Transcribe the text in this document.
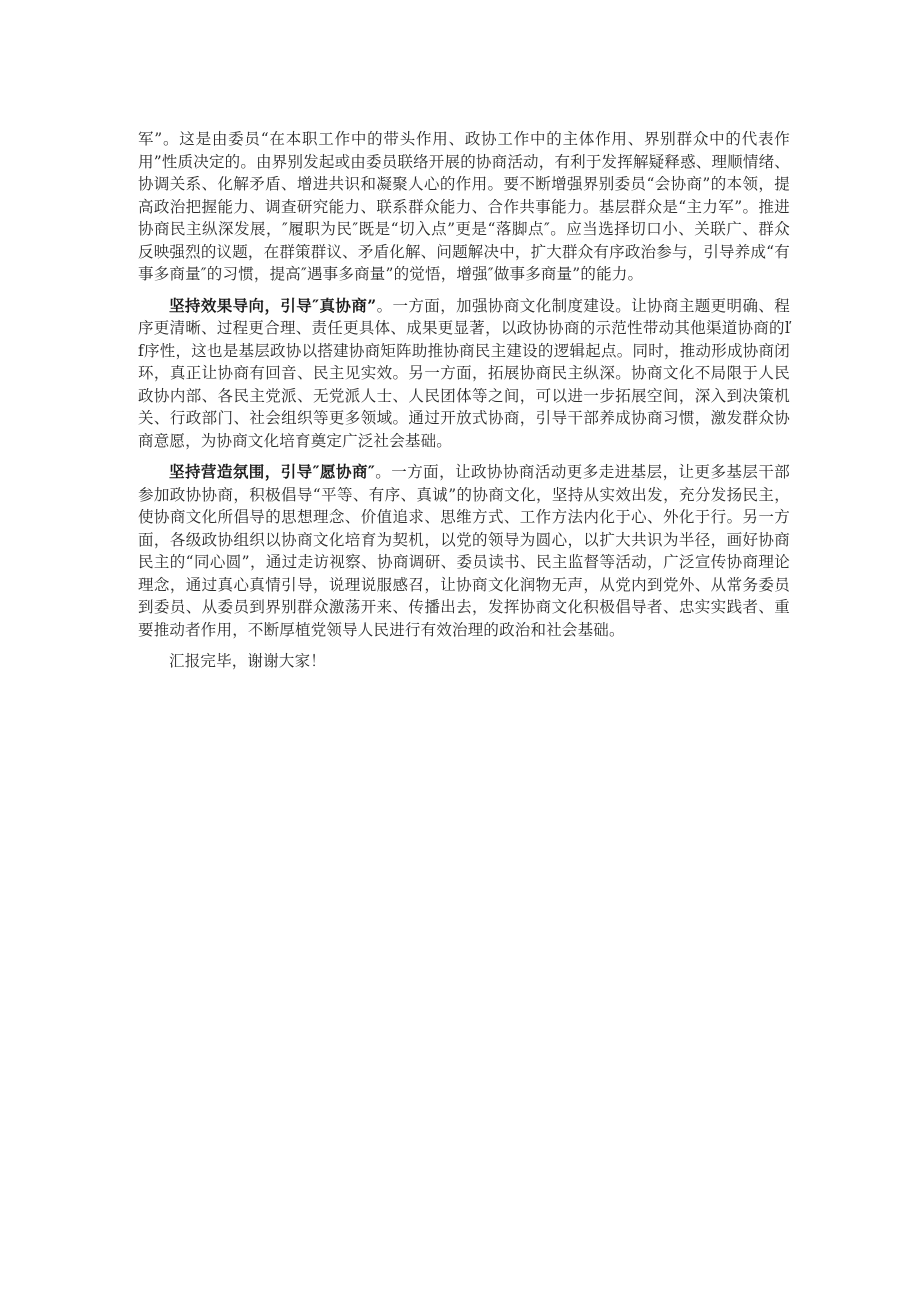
军”。这是由委员“在本职工作中的带头作用、政协工作中的主体作用、界别群众中的代表作用”性质决定的。由界别发起或由委员联络开展的协商活动，有利于发挥解疑释惑、理顺情绪、协调关系、化解矛盾、增进共识和凝聚人心的作用。要不断增强界别委员“会协商”的本领，提高政治把握能力、调查研究能力、联系群众能力、合作共事能力。基层群众是“主力军”。推进协商民主纵深发展，″履职为民″既是“切入点”更是“落脚点″。应当选择切口小、关联广、群众反映强烈的议题，在群策群议、矛盾化解、问题解决中，扩大群众有序政治参与，引导养成“有事多商量″的习惯，提高″遇事多商量”的觉悟，增强″做事多商量”的能力。

坚持效果导向，引导″真协商”。一方面，加强协商文化制度建设。让协商主题更明确、程序更清晰、过程更合理、责任更具体、成果更显著，以政协协商的示范性带动其他渠道协商的ľf序性，这也是基层政协以搭建协商矩阵助推协商民主建设的逻辑起点。同时，推动形成协商闭环，真正让协商有回音、民主见实效。另一方面，拓展协商民主纵深。协商文化不局限于人民政协内部、各民主党派、无党派人士、人民团体等之间，可以进一步拓展空间，深入到决策机关、行政部门、社会组织等更多领域。通过开放式协商，引导干部养成协商习惯，激发群众协商意愿，为协商文化培育奠定广泛社会基础。

坚持营造氛围，引导″愿协商″。一方面，让政协协商活动更多走进基层，让更多基层干部参加政协协商，积极倡导“平等、有序、真诚”的协商文化，坚持从实效出发，充分发扬民主，使协商文化所倡导的思想理念、价值追求、思维方式、工作方法内化于心、外化于行。另一方面，各级政协组织以协商文化培育为契机，以党的领导为圆心，以扩大共识为半径，画好协商民主的“同心圆”，通过走访视察、协商调研、委员读书、民主监督等活动，广泛宣传协商理论理念，通过真心真情引导，说理说服感召，让协商文化润物无声，从党内到党外、从常务委员到委员、从委员到界别群众激荡开来、传播出去，发挥协商文化积极倡导者、忠实实践者、重要推动者作用，不断厚植党领导人民进行有效治理的政治和社会基础。

汇报完毕，谢谢大家！
